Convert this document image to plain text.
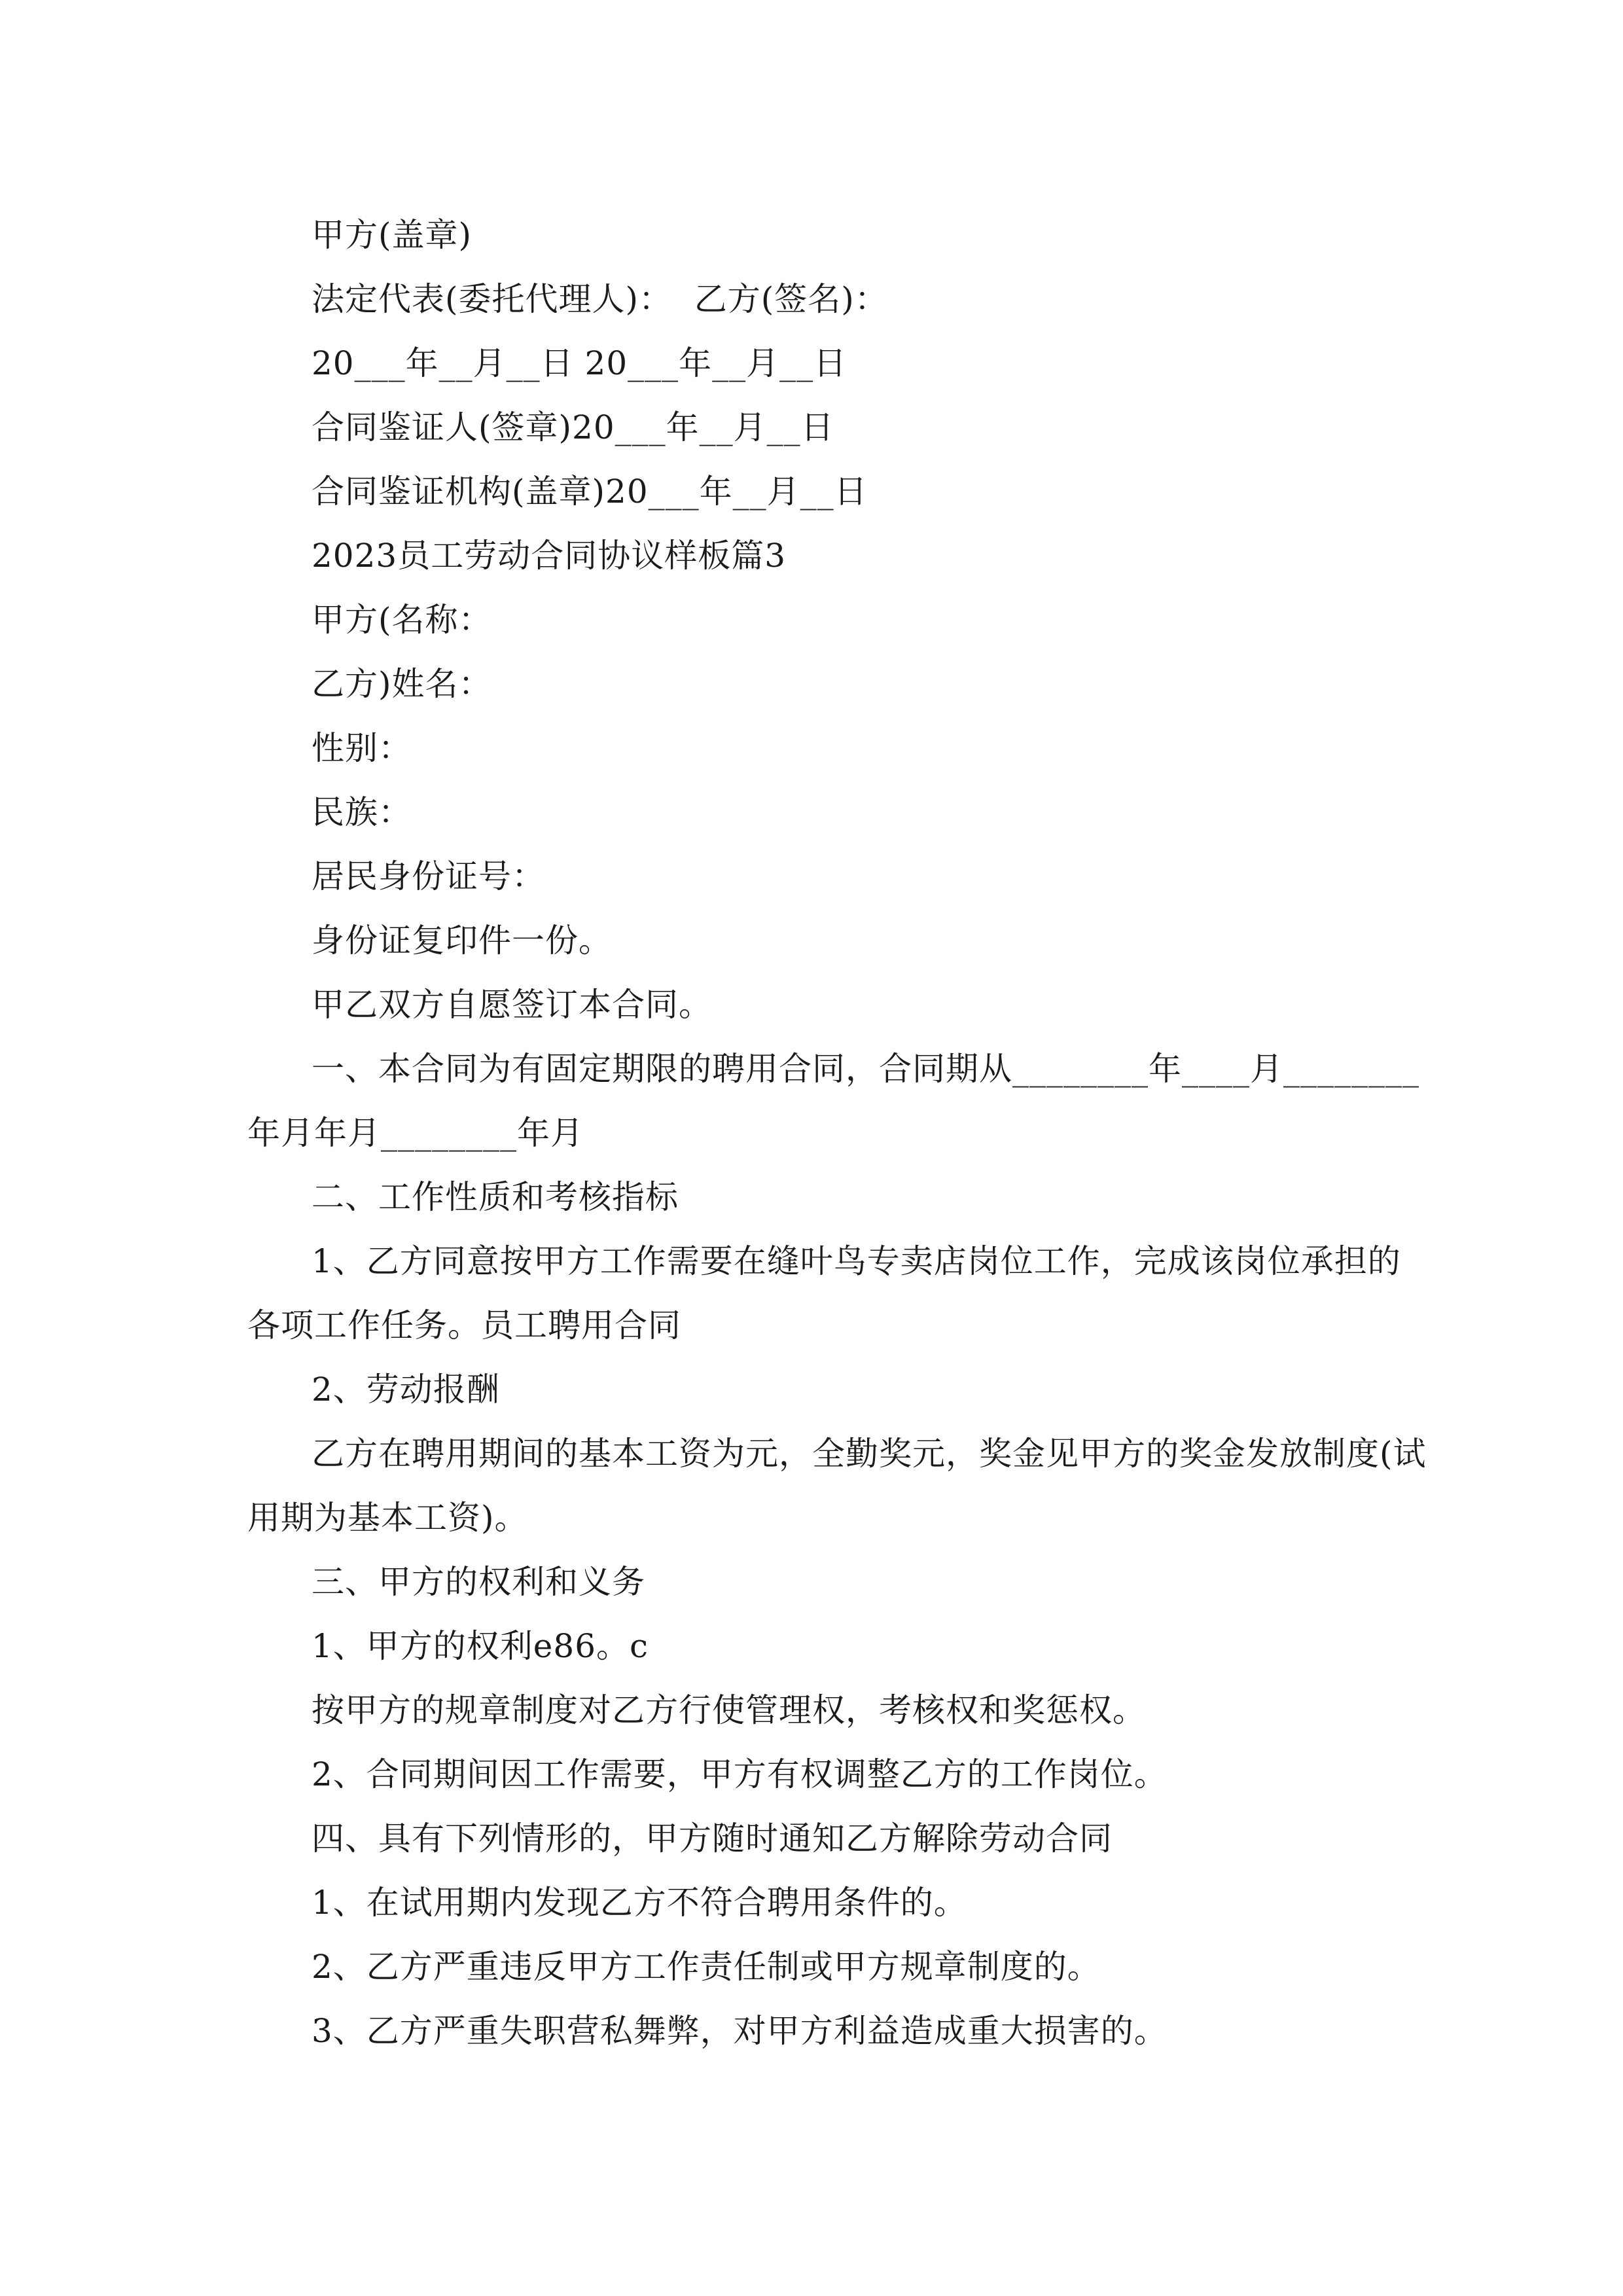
甲方(盖章)
法定代表(委托代理人)：  乙方(签名)：
20___年__月__日 20___年__月__日
合同鉴证人(签章)20___年__月__日
合同鉴证机构(盖章)20___年__月__日
2023员工劳动合同协议样板篇3
甲方(名称：
乙方)姓名：
性别：
民族：
居民身份证号：
身份证复印件一份。
甲乙双方自愿签订本合同。
一、本合同为有固定期限的聘用合同，合同期从________年____月________
年月年月________年月
二、工作性质和考核指标
1、乙方同意按甲方工作需要在缝叶鸟专卖店岗位工作，完成该岗位承担的
各项工作任务。员工聘用合同
2、劳动报酬
乙方在聘用期间的基本工资为元，全勤奖元，奖金见甲方的奖金发放制度(试
用期为基本工资)。
三、甲方的权利和义务
1、甲方的权利e86。c
按甲方的规章制度对乙方行使管理权，考核权和奖惩权。
2、合同期间因工作需要，甲方有权调整乙方的工作岗位。
四、具有下列情形的，甲方随时通知乙方解除劳动合同
1、在试用期内发现乙方不符合聘用条件的。
2、乙方严重违反甲方工作责任制或甲方规章制度的。
3、乙方严重失职营私舞弊，对甲方利益造成重大损害的。
